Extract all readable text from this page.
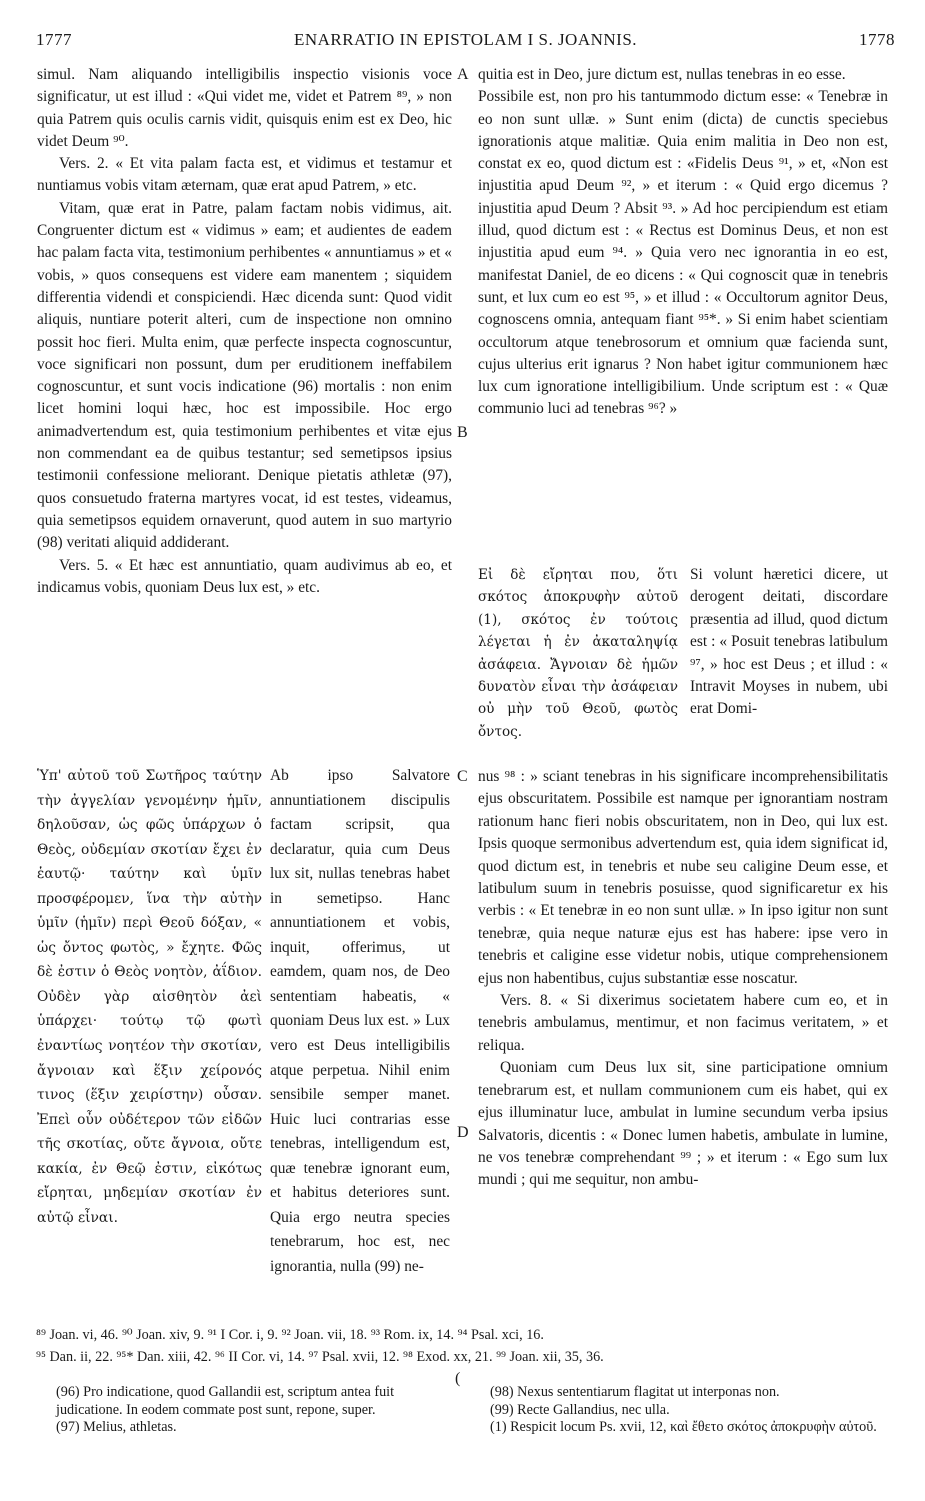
1777	ENARRATIO IN EPISTOLAM I S. JOANNIS.	1778

simul. Nam aliquando intelligibilis inspectio visionis voce significatur, ut est illud : «Qui videt me, videt et Patrem ⁸⁹, » non quia Patrem quis oculis carnis vidit, quisquis enim est ex Deo, hic videt Deum ⁹⁰.

Vers. 2. « Et vita palam facta est, et vidimus et testamur et nuntiamus vobis vitam æternam, quæ erat apud Patrem, » etc.

Vitam, quæ erat in Patre, palam factam nobis vidimus, ait. Congruenter dictum est « vidimus » eam; et audientes de eadem hac palam facta vita, testimonium perhibentes « annuntiamus » et « vobis, » quos consequens est videre eam manentem ; siquidem differentia videndi et conspiciendi. Hæc dicenda sunt: Quod vidit aliquis, nuntiare poterit alteri, cum de inspectione non omnino possit hoc fieri. Multa enim, quæ perfecte inspecta cognoscuntur, voce significari non possunt, dum per eruditionem ineffabilem cognoscuntur, et sunt vocis indicatione (96) mortalis : non enim licet homini loqui hæc, hoc est impossibile. Hoc ergo animadvertendum est, quia testimonium perhibentes et vitæ ejus non commendant ea de quibus testantur; sed semetipsos ipsius testimonii confessione meliorant. Denique pietatis athletæ (97), quos consuetudo fraterna martyres vocat, id est testes, videamus, quia semetipsos equidem ornaverunt, quod autem in suo martyrio (98) veritati aliquid addiderant.

Vers. 5. « Et hæc est annuntiatio, quam audivimus ab eo, et indicamus vobis, quoniam Deus lux est, » etc.

Ὑπ' αὐτοῦ τοῦ Σωτῆρος ταύτην τὴν ἀγγελίαν γενομένην ἡμῖν, δηλοῦσαν, ὡς φῶς ὑπάρχων ὁ Θεὸς, οὐδεμίαν σκοτίαν ἔχει ἐν ἑαυτῷ· ταύτην καὶ ὑμῖν προσφέρομεν, ἵνα τὴν αὐτὴν ὑμῖν (ἡμῖν) περὶ Θεοῦ δόξαν, « ὡς ὄντος φωτὸς, » ἔχητε. Φῶς δὲ ἐστιν ὁ Θεὸς νοητὸν, ἀΐδιον. Οὐδὲν γὰρ αἰσθητὸν ἀεὶ ὑπάρχει· τούτῳ τῷ φωτὶ ἐναντίως νοητέον τὴν σκοτίαν, ἄγνοιαν καὶ ἕξιν χείρονός τινος (ἕξιν χειρίστην) οὖσαν. Ἐπεὶ οὖν οὐδέτερον τῶν εἰδῶν τῆς σκοτίας, οὔτε ἄγνοια, οὔτε κακία, ἐν Θεῷ ἐστιν, εἰκότως εἴρηται, μηδεμίαν σκοτίαν ἐν αὐτῷ εἶναι.
Ab ipso Salvatore annuntiationem discipulis factam scripsit, qua declaratur, quia cum Deus lux sit, nullas tenebras habet in semetipso. Hanc annuntiationem et vobis, inquit, offerimus, ut eamdem, quam nos, de Deo sententiam habeatis, « quoniam Deus lux est. » Lux vero est Deus intelligibilis atque perpetua. Nihil enim sensibile semper manet. Huic luci contrarias esse tenebras, intelligendum est, quæ tenebræ ignorant eum, et habitus deteriores sunt. Quia ergo neutra species tenebrarum, hoc est, nec ignorantia, nulla (99) ne-

quitia est in Deo, jure dictum est, nullas tenebras in eo esse.

Possibile est, non pro his tantummodo dictum esse: « Tenebræ in eo non sunt ullæ. » Sunt enim (dicta) de cunctis speciebus ignorationis atque malitiæ. Quia enim malitia in Deo non est, constat ex eo, quod dictum est : «Fidelis Deus ⁹¹, » et, «Non est injustitia apud Deum ⁹², » et iterum : « Quid ergo dicemus ? injustitia apud Deum ? Absit ⁹³. » Ad hoc percipiendum est etiam illud, quod dictum est : « Rectus est Dominus Deus, et non est injustitia apud eum ⁹⁴. » Quia vero nec ignorantia in eo est, manifestat Daniel, de eo dicens : « Qui cognoscit quæ in tenebris sunt, et lux cum eo est ⁹⁵, » et illud : « Occultorum agnitor Deus, cognoscens omnia, antequam fiant ⁹⁵*. » Si enim habet scientiam occultorum atque tenebrosorum et omnium quæ facienda sunt, cujus ulterius erit ignarus ? Non habet igitur communionem hæc lux cum ignoratione intelligibilium. Unde scriptum est : « Quæ communio luci ad tenebras ⁹⁶? »

Εἰ δὲ εἴρηται που, ὅτι σκότος ἀποκρυφὴν αὐτοῦ (1), σκότος ἐν τούτοις λέγεται ἡ ἐν ἀκαταληψίᾳ ἀσάφεια. Ἄγνοιαν δὲ ἡμῶν δυνατὸν εἶναι τὴν ἀσάφειαν οὐ μὴν τοῦ Θεοῦ, φωτὸς ὄντος.
Si volunt hæretici dicere, ut derogent deitati, discordare præsentia ad illud, quod dictum est : « Posuit tenebras latibulum ⁹⁷, » hoc est Deus ; et illud : « Intravit Moyses in nubem, ubi erat Domi-

nus ⁹⁸ : » sciant tenebras in his significare incomprehensibilitatis ejus obscuritatem. Possibile est namque per ignorantiam nostram rationum hanc fieri nobis obscuritatem, non in Deo, qui lux est. Ipsis quoque sermonibus advertendum est, quia idem significat id, quod dictum est, in tenebris et nube seu caligine Deum esse, et latibulum suum in tenebris posuisse, quod significaretur ex his verbis : « Et tenebræ in eo non sunt ullæ. » In ipso igitur non sunt tenebræ, quia neque naturæ ejus est has habere: ipse vero in tenebris et caligine esse videtur nobis, utique comprehensionem ejus non habentibus, cujus substantiæ esse noscatur.

Vers. 8. « Si dixerimus societatem habere cum eo, et in tenebris ambulamus, mentimur, et non facimus veritatem, » et reliqua.

Quoniam cum Deus lux sit, sine participatione omnium tenebrarum est, et nullam communionem cum eis habet, qui ex ejus illuminatur luce, ambulat in lumine secundum verba ipsius Salvatoris, dicentis : « Donec lumen habetis, ambulate in lumine, ne vos tenebræ comprehendant ⁹⁹ ; » et iterum : « Ego sum lux mundi ; qui me sequitur, non ambu-

A
B
C
D
(
⁸⁹ Joan. vi, 46. ⁹⁰ Joan. xiv, 9. ⁹¹ I Cor. i, 9. ⁹² Joan. vii, 18. ⁹³ Rom. ix, 14. ⁹⁴ Psal. xci, 16.
⁹⁵ Dan. ii, 22. ⁹⁵* Dan. xiii, 42. ⁹⁶ II Cor. vi, 14. ⁹⁷ Psal. xvii, 12. ⁹⁸ Exod. xx, 21. ⁹⁹ Joan. xii, 35, 36.

(96) Pro indicatione, quod Gallandii est, scriptum antea fuit judicatione. In eodem commate post sunt, repone, super.

(97) Melius, athletas.

(98) Nexus sententiarum flagitat ut interponas non.

(99) Recte Gallandius, nec ulla.

(1) Respicit locum Ps. xvii, 12, καὶ ἔθετο σκότος ἀποκρυφὴν αὐτοῦ.
